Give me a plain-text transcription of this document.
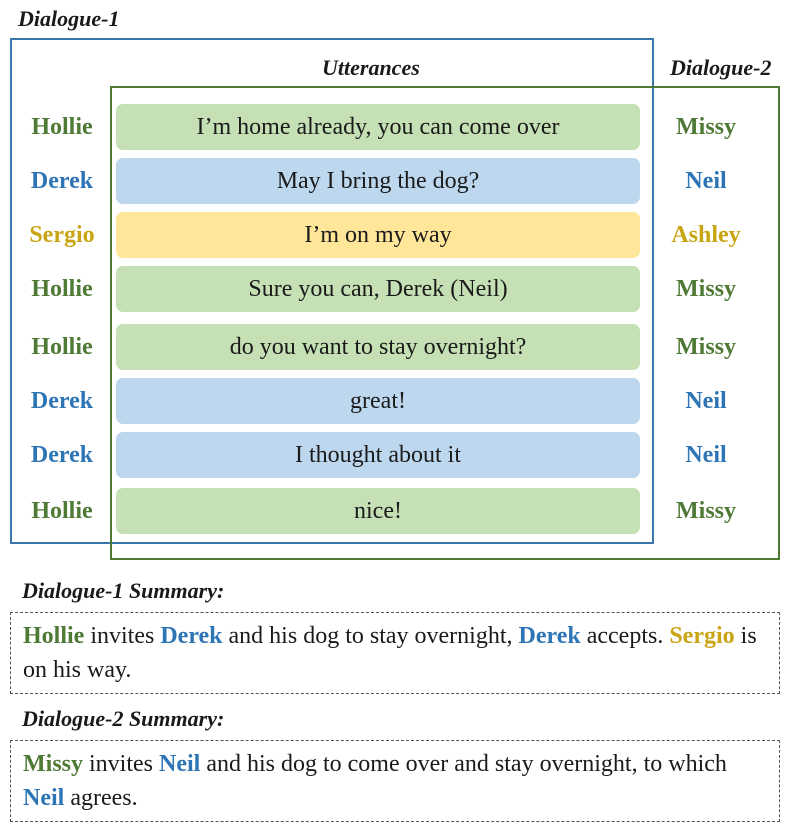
Dialogue-1
Utterances	Dialogue-2
Hollie	I’m home already, you can come over	Missy
Derek	May I bring the dog?	Neil
Sergio	I’m on my way	Ashley
Hollie	Sure you can, Derek (Neil)	Missy
Hollie	do you want to stay overnight?	Missy
Derek	great!	Neil
Derek	I thought about it	Neil
Hollie	nice!	Missy
Dialogue-1 Summary:
Hollie invites Derek and his dog to stay overnight, Derek accepts. Sergio is on his way.
Dialogue-2 Summary:
Missy invites Neil and his dog to come over and stay overnight, to which Neil agrees.
